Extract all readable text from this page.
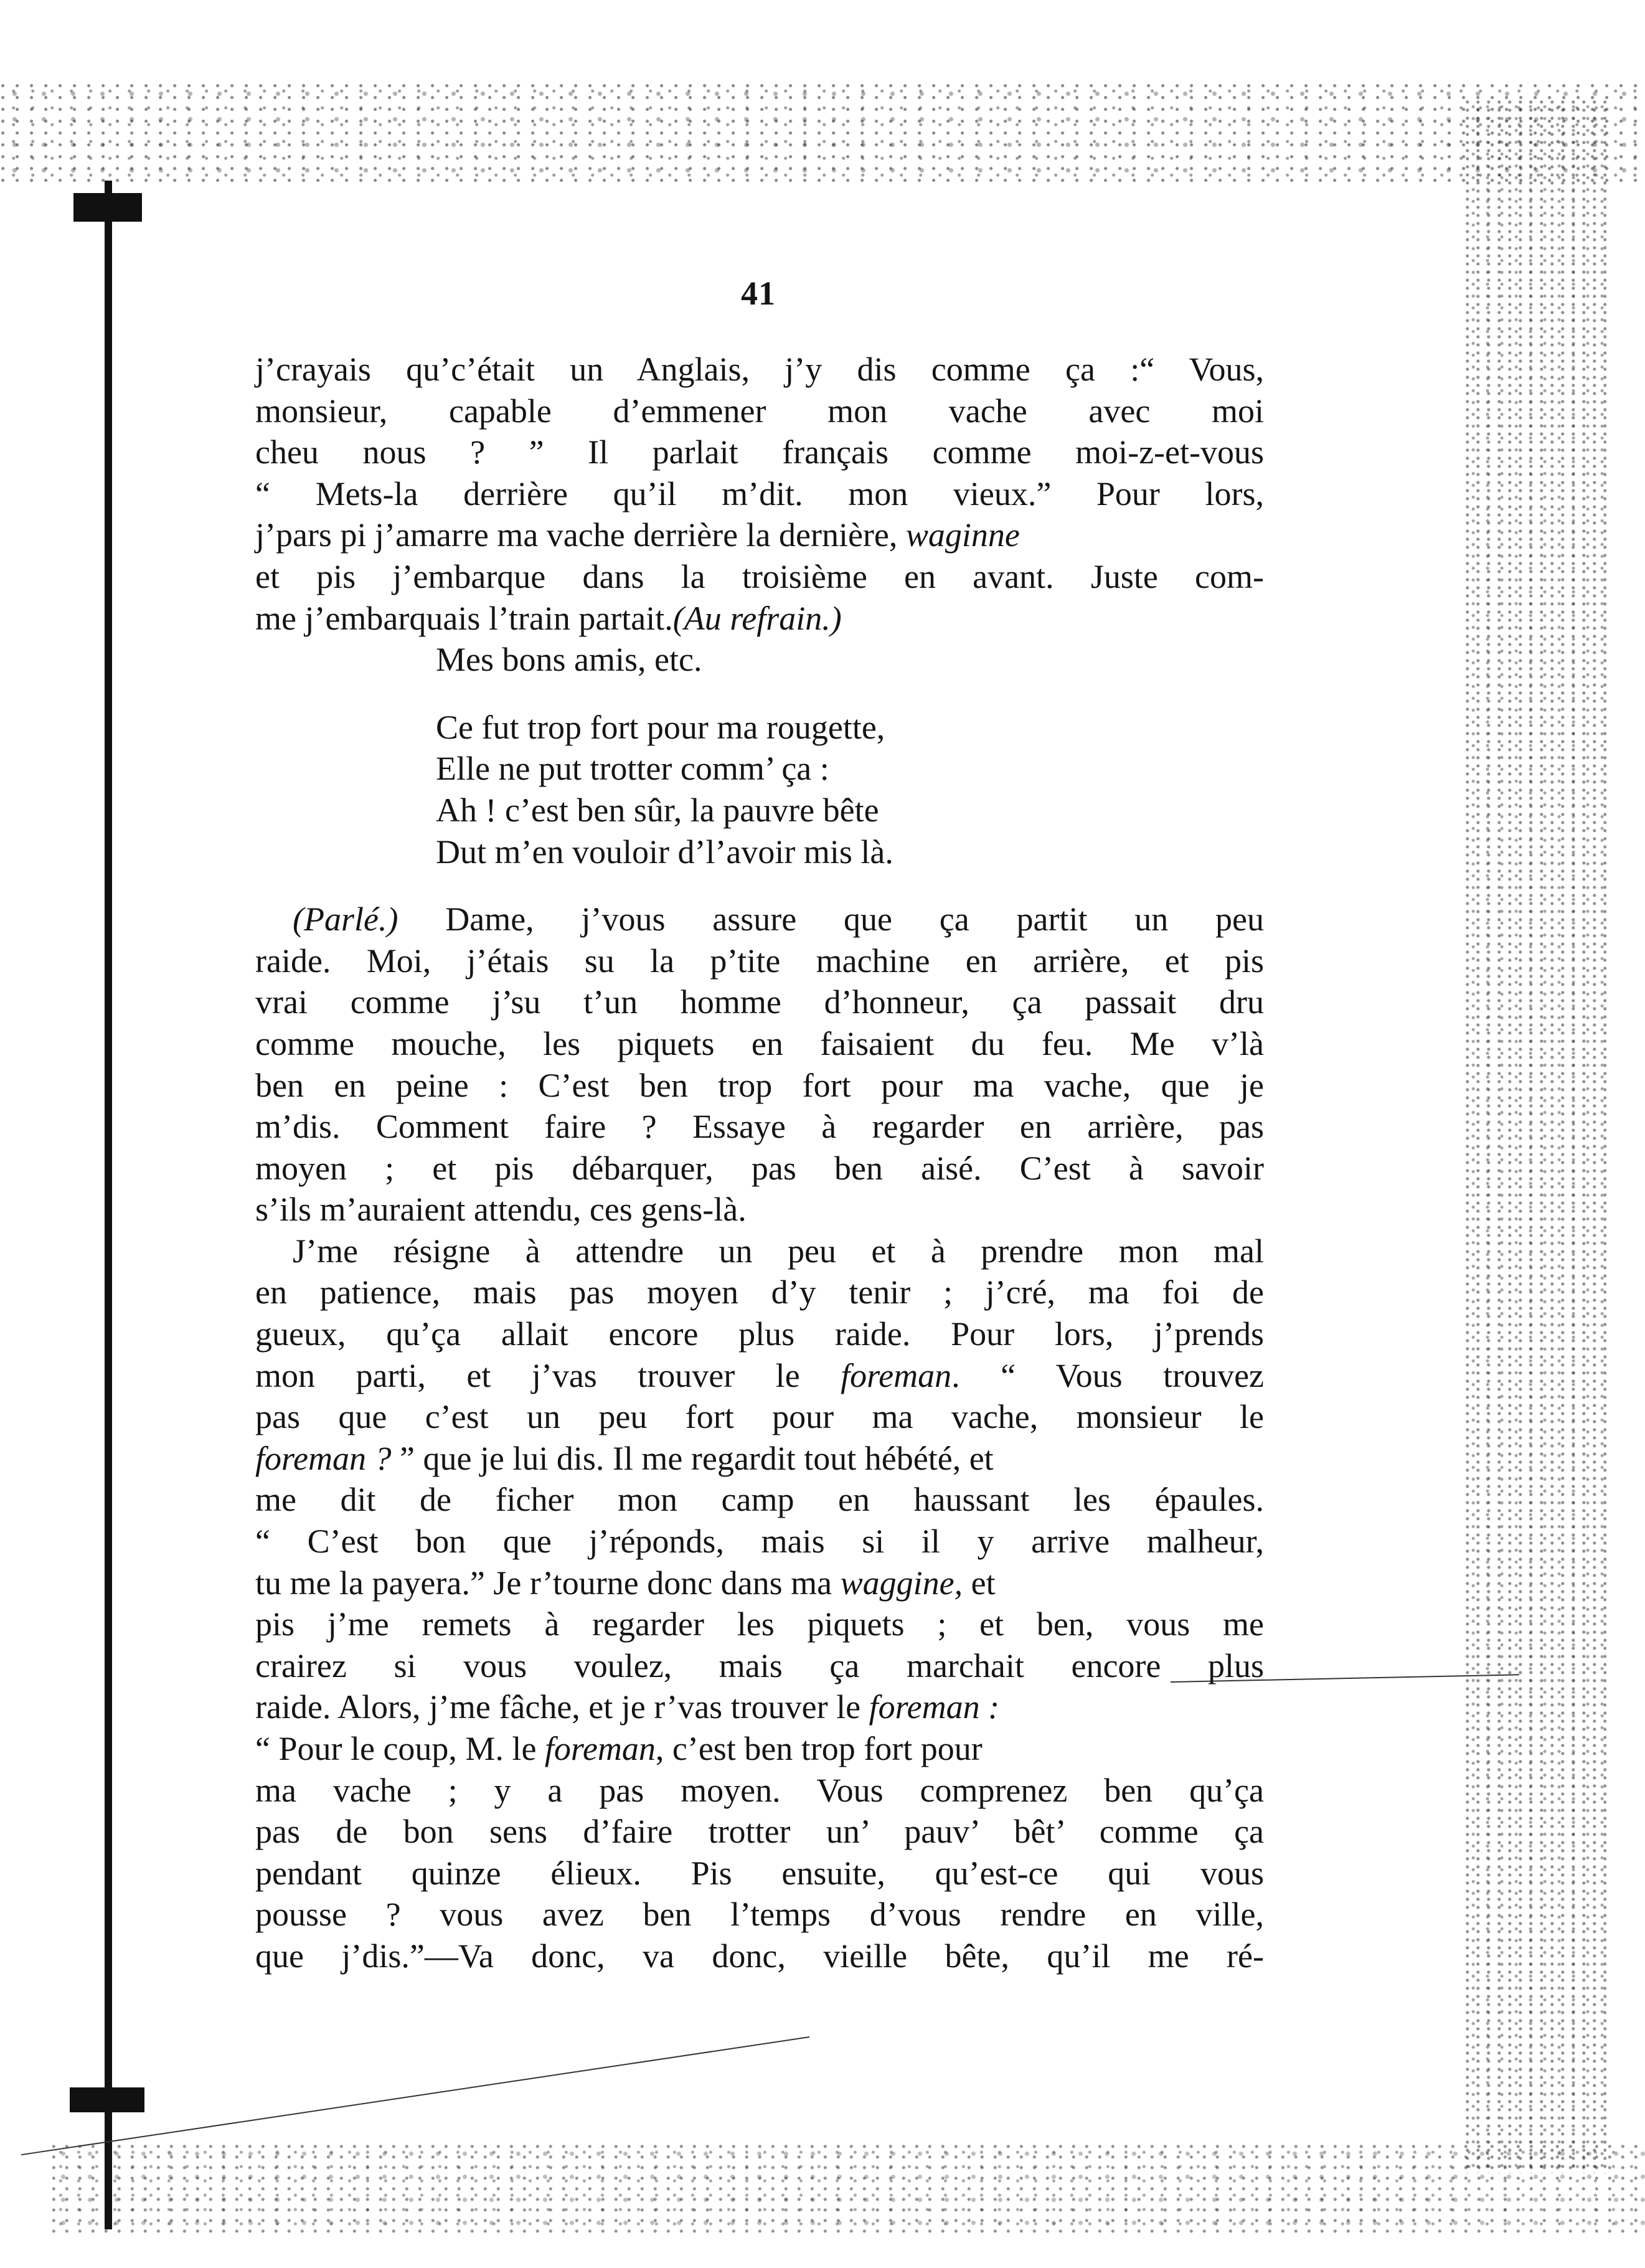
41
j’crayais qu’c’était un Anglais, j’y dis comme ça :“ Vous,
monsieur, capable d’emmener mon vache avec moi
cheu nous ? ” Il parlait français comme moi-z-et-vous
“ Mets-la derrière qu’il m’dit. mon vieux.” Pour lors,
j’pars pi j’amarre ma vache derrière la dernière, waginne
et pis j’embarque dans la troisième en avant. Juste com-
me j’embarquais l’train partait.(Au refrain.)
Mes bons amis, etc.
Ce fut trop fort pour ma rougette,
Elle ne put trotter comm’ ça :
Ah ! c’est ben sûr, la pauvre bête
Dut m’en vouloir d’l’avoir mis là.
(Parlé.) Dame, j’vous assure que ça partit un peu
raide. Moi, j’étais su la p’tite machine en arrière, et pis
vrai comme j’su t’un homme d’honneur, ça passait dru
comme mouche, les piquets en faisaient du feu. Me v’là
ben en peine : C’est ben trop fort pour ma vache, que je
m’dis. Comment faire ? Essaye à regarder en arrière, pas
moyen ; et pis débarquer, pas ben aisé. C’est à savoir
s’ils m’auraient attendu, ces gens-là.
J’me résigne à attendre un peu et à prendre mon mal
en patience, mais pas moyen d’y tenir ; j’cré, ma foi de
gueux, qu’ça allait encore plus raide. Pour lors, j’prends
mon parti, et j’vas trouver le foreman. “ Vous trouvez
pas que c’est un peu fort pour ma vache, monsieur le
foreman ? ” que je lui dis. Il me regardit tout hébété, et
me dit de ficher mon camp en haussant les épaules.
“ C’est bon que j’réponds, mais si il y arrive malheur,
tu me la payera.” Je r’tourne donc dans ma waggine, et
pis j’me remets à regarder les piquets ; et ben, vous me
crairez si vous voulez, mais ça marchait encore plus
raide. Alors, j’me fâche, et je r’vas trouver le foreman :
“ Pour le coup, M. le foreman, c’est ben trop fort pour
ma vache ; y a pas moyen. Vous comprenez ben qu’ça
pas de bon sens d’faire trotter un’ pauv’ bêt’ comme ça
pendant quinze élieux. Pis ensuite, qu’est-ce qui vous
pousse ? vous avez ben l’temps d’vous rendre en ville,
que j’dis.”—Va donc, va donc, vieille bête, qu’il me ré-
